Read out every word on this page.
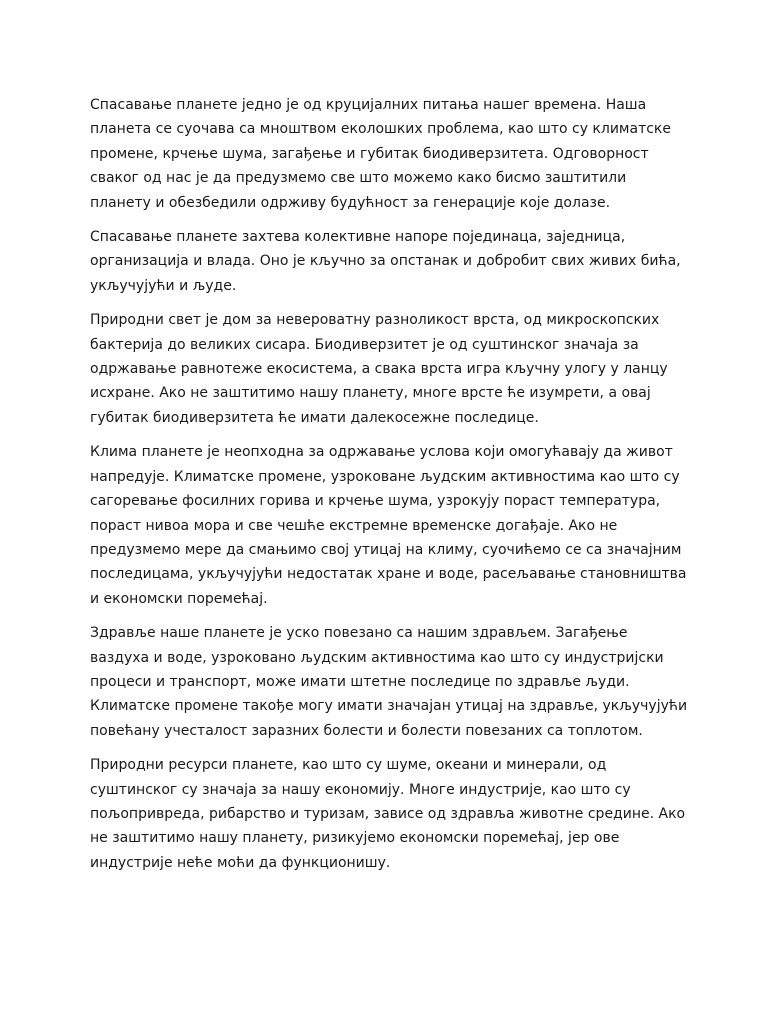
Спасавање планете једно је од круцијалних питања нашег времена. Наша планета се суочава са мноштвом еколошких проблема, као што су климатске промене, крчење шума, загађење и губитак биодиверзитета. Одговорност сваког од нас је да предузмемо све што можемо како бисмо заштитили планету и обезбедили одрживу будућност за генерације које долазе.

Спасавање планете захтева колективне напоре појединаца, заједница, организација и влада. Оно је кључно за опстанак и добробит свих живих бића, укључујући и људе.

Природни свет је дом за невероватну разноликост врста, од микроскопских бактерија до великих сисара. Биодиверзитет је од суштинског значаја за одржавање равнотеже екосистема, а свака врста игра кључну улогу у ланцу исхране. Ако не заштитимо нашу планету, многе врсте ће изумрети, а овај губитак биодиверзитета ће имати далекосежне последице.

Клима планете је неопходна за одржавање услова који омогућавају да живот напредује. Климатске промене, узроковане људским активностима као што су сагоревање фосилних горива и крчење шума, узрокују пораст температура, пораст нивоа мора и све чешће екстремне временске догађаје. Ако не предузмемо мере да смањимо свој утицај на климу, суочићемо се са значајним последицама, укључујући недостатак хране и воде, расељавање становништва и економски поремећај.

Здравље наше планете је уско повезано са нашим здрављем. Загађење ваздуха и воде, узроковано људским активностима као што су индустријски процеси и транспорт, може имати штетне последице по здравље људи. Климатске промене такође могу имати значајан утицај на здравље, укључујући повећану учесталост заразних болести и болести повезаних са топлотом.

Природни ресурси планете, као што су шуме, океани и минерали, од суштинског су значаја за нашу економију. Многе индустрије, као што су пољопривреда, рибарство и туризам, зависе од здравља животне средине. Ако не заштитимо нашу планету, ризикујемо економски поремећај, јер ове индустрије неће моћи да функционишу.
